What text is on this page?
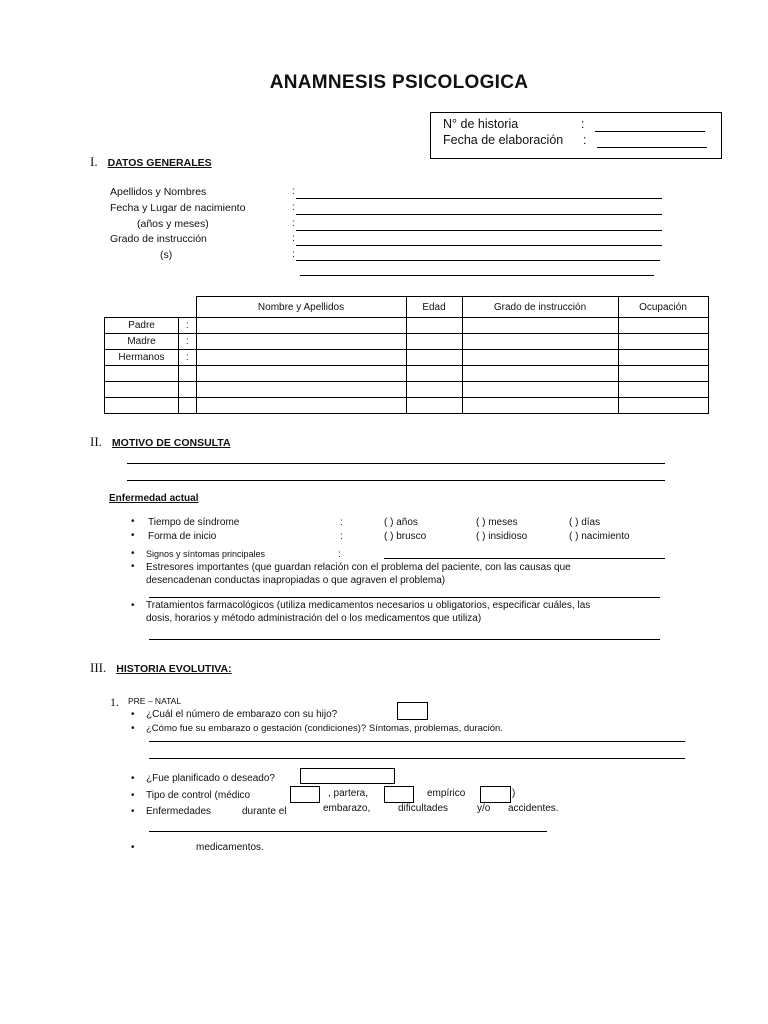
ANAMNESIS PSICOLOGICA
N° de historia	:
Fecha de elaboración :
I. DATOS GENERALES
Apellidos y Nombres	:
Fecha y Lugar de nacimiento	:
(años y meses)	:
Grado de instrucción	:
(s)	:
		Nombre y Apellidos	Edad	Grado de instrucción	Ocupación
Padre	:				
Madre	:				
Hermanos	:				

II. MOTIVO DE CONSULTA
Enfermedad actual
• Tiempo de síndrome	:	( ) años	( ) meses	( ) días
• Forma de inicio	:	( ) brusco	( ) insidioso	( ) nacimiento
• Signos y síntomas principales	:
• Estresores importantes (que guardan relación con el problema del paciente, con las causas que
desencadenan conductas inapropiadas o que agraven el problema)
• Tratamientos farmacológicos (utiliza medicamentos necesarios u obligatorios, especificar cuáles, las
dosis, horarios y método administración del o los medicamentos que utiliza)
III. HISTORIA EVOLUTIVA:
1. PRE – NATAL
• ¿Cuál el número de embarazo con su hijo?
• ¿Cómo fue su embarazo o gestación (condiciones)? Síntomas, problemas, duración.
• ¿Fue planificado o deseado?
• Tipo de control (médico	, partera,	empírico	)
• Enfermedades	durante el	embarazo,	dificultades	y/o accidentes.
•	medicamentos.
